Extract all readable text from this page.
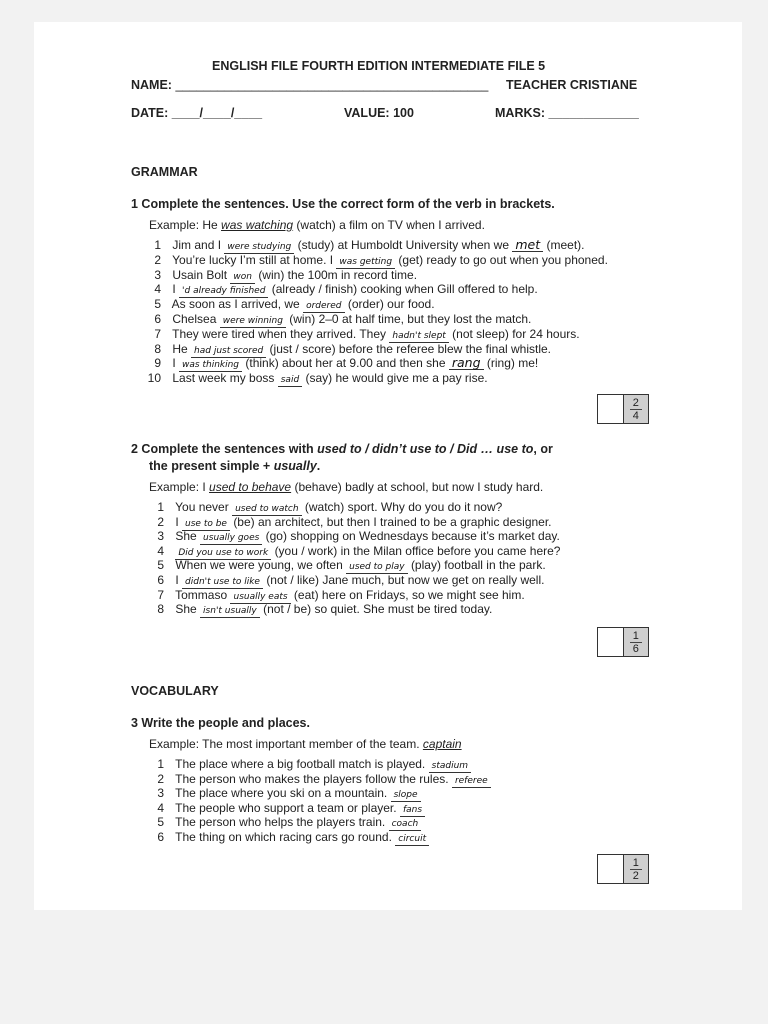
ENGLISH FILE FOURTH EDITION INTERMEDIATE FILE 5
NAME: _____________________________________________ TEACHER CRISTIANE
DATE: ____/____/____	VALUE: 100	MARKS: _____________
GRAMMAR
1 Complete the sentences. Use the correct form of the verb in brackets.
Example: He was watching (watch) a film on TV when I arrived.
1 Jim and I were studying (study) at Humboldt University when we met (meet).
2 You’re lucky I’m still at home. I was getting (get) ready to go out when you phoned.
3 Usain Bolt won (win) the 100m in record time.
4 I 'd already finished (already / finish) cooking when Gill offered to help.
5 As soon as I arrived, we ordered (order) our food.
6 Chelsea were winning (win) 2–0 at half time, but they lost the match.
7 They were tired when they arrived. They hadn't slept (not sleep) for 24 hours.
8 He had just scored (just / score) before the referee blew the final whistle.
9 I was thinking (think) about her at 9.00 and then she rang (ring) me!
10 Last week my boss said (say) he would give me a pay rise.
$\frac{2}{4}$
2 Complete the sentences with used to / didn’t use to / Did … use to, or
the present simple + usually.
Example: I used to behave (behave) badly at school, but now I study hard.
1 You never used to watch (watch) sport. Why do you do it now?
2 I use to be (be) an architect, but then I trained to be a graphic designer.
3 She usually goes (go) shopping on Wednesdays because it’s market day.
4 Did you use to work (you / work) in the Milan office before you came here?
5 When we were young, we often used to play (play) football in the park.
6 I didn't use to like (not / like) Jane much, but now we get on really well.
7 Tommaso usually eats (eat) here on Fridays, so we might see him.
8 She isn't usually (not / be) so quiet. She must be tired today.
$\frac{1}{6}$
VOCABULARY
3 Write the people and places.
Example: The most important member of the team. captain
1 The place where a big football match is played. stadium
2 The person who makes the players follow the rules. referee
3 The place where you ski on a mountain. slope
4 The people who support a team or player. fans
5 The person who helps the players train. coach
6 The thing on which racing cars go round. circuit
$\frac{1}{2}$
